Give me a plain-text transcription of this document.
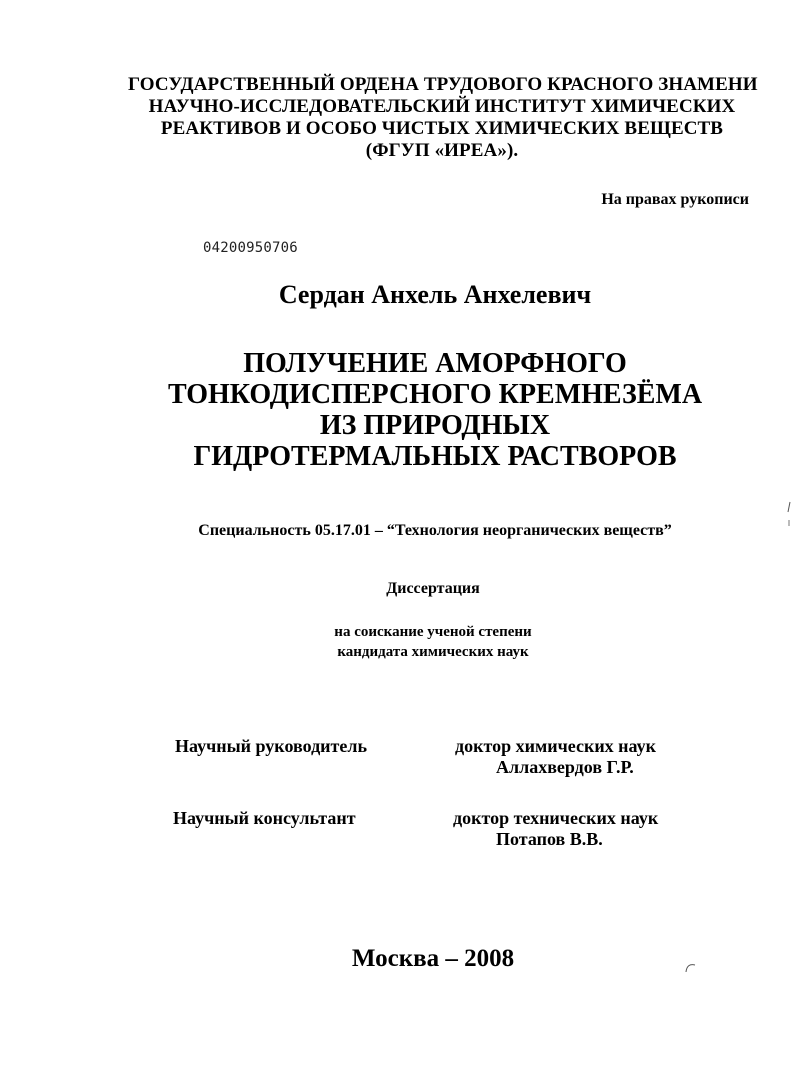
ГОСУДАРСТВЕННЫЙ ОРДЕНА ТРУДОВОГО КРАСНОГО ЗНАМЕНИ
НАУЧНО-ИССЛЕДОВАТЕЛЬСКИЙ ИНСТИТУТ ХИМИЧЕСКИХ
РЕАКТИВОВ И ОСОБО ЧИСТЫХ ХИМИЧЕСКИХ ВЕЩЕСТВ
(ФГУП «ИРЕА»).
На правах рукописи
04200950706
Сердан Анхель Анхелевич
ПОЛУЧЕНИЕ АМОРФНОГО
ТОНКОДИСПЕРСНОГО КРЕМНЕЗЁМА
ИЗ ПРИРОДНЫХ
ГИДРОТЕРМАЛЬНЫХ РАСТВОРОВ
Специальность 05.17.01 – “Технология неорганических веществ”
Диссертация
на соискание ученой степени
кандидата химических наук
Научный руководитель	доктор химических наук
Аллахвердов Г.Р.
Научный консультант	доктор технических наук
Потапов В.В.
Москва – 2008
